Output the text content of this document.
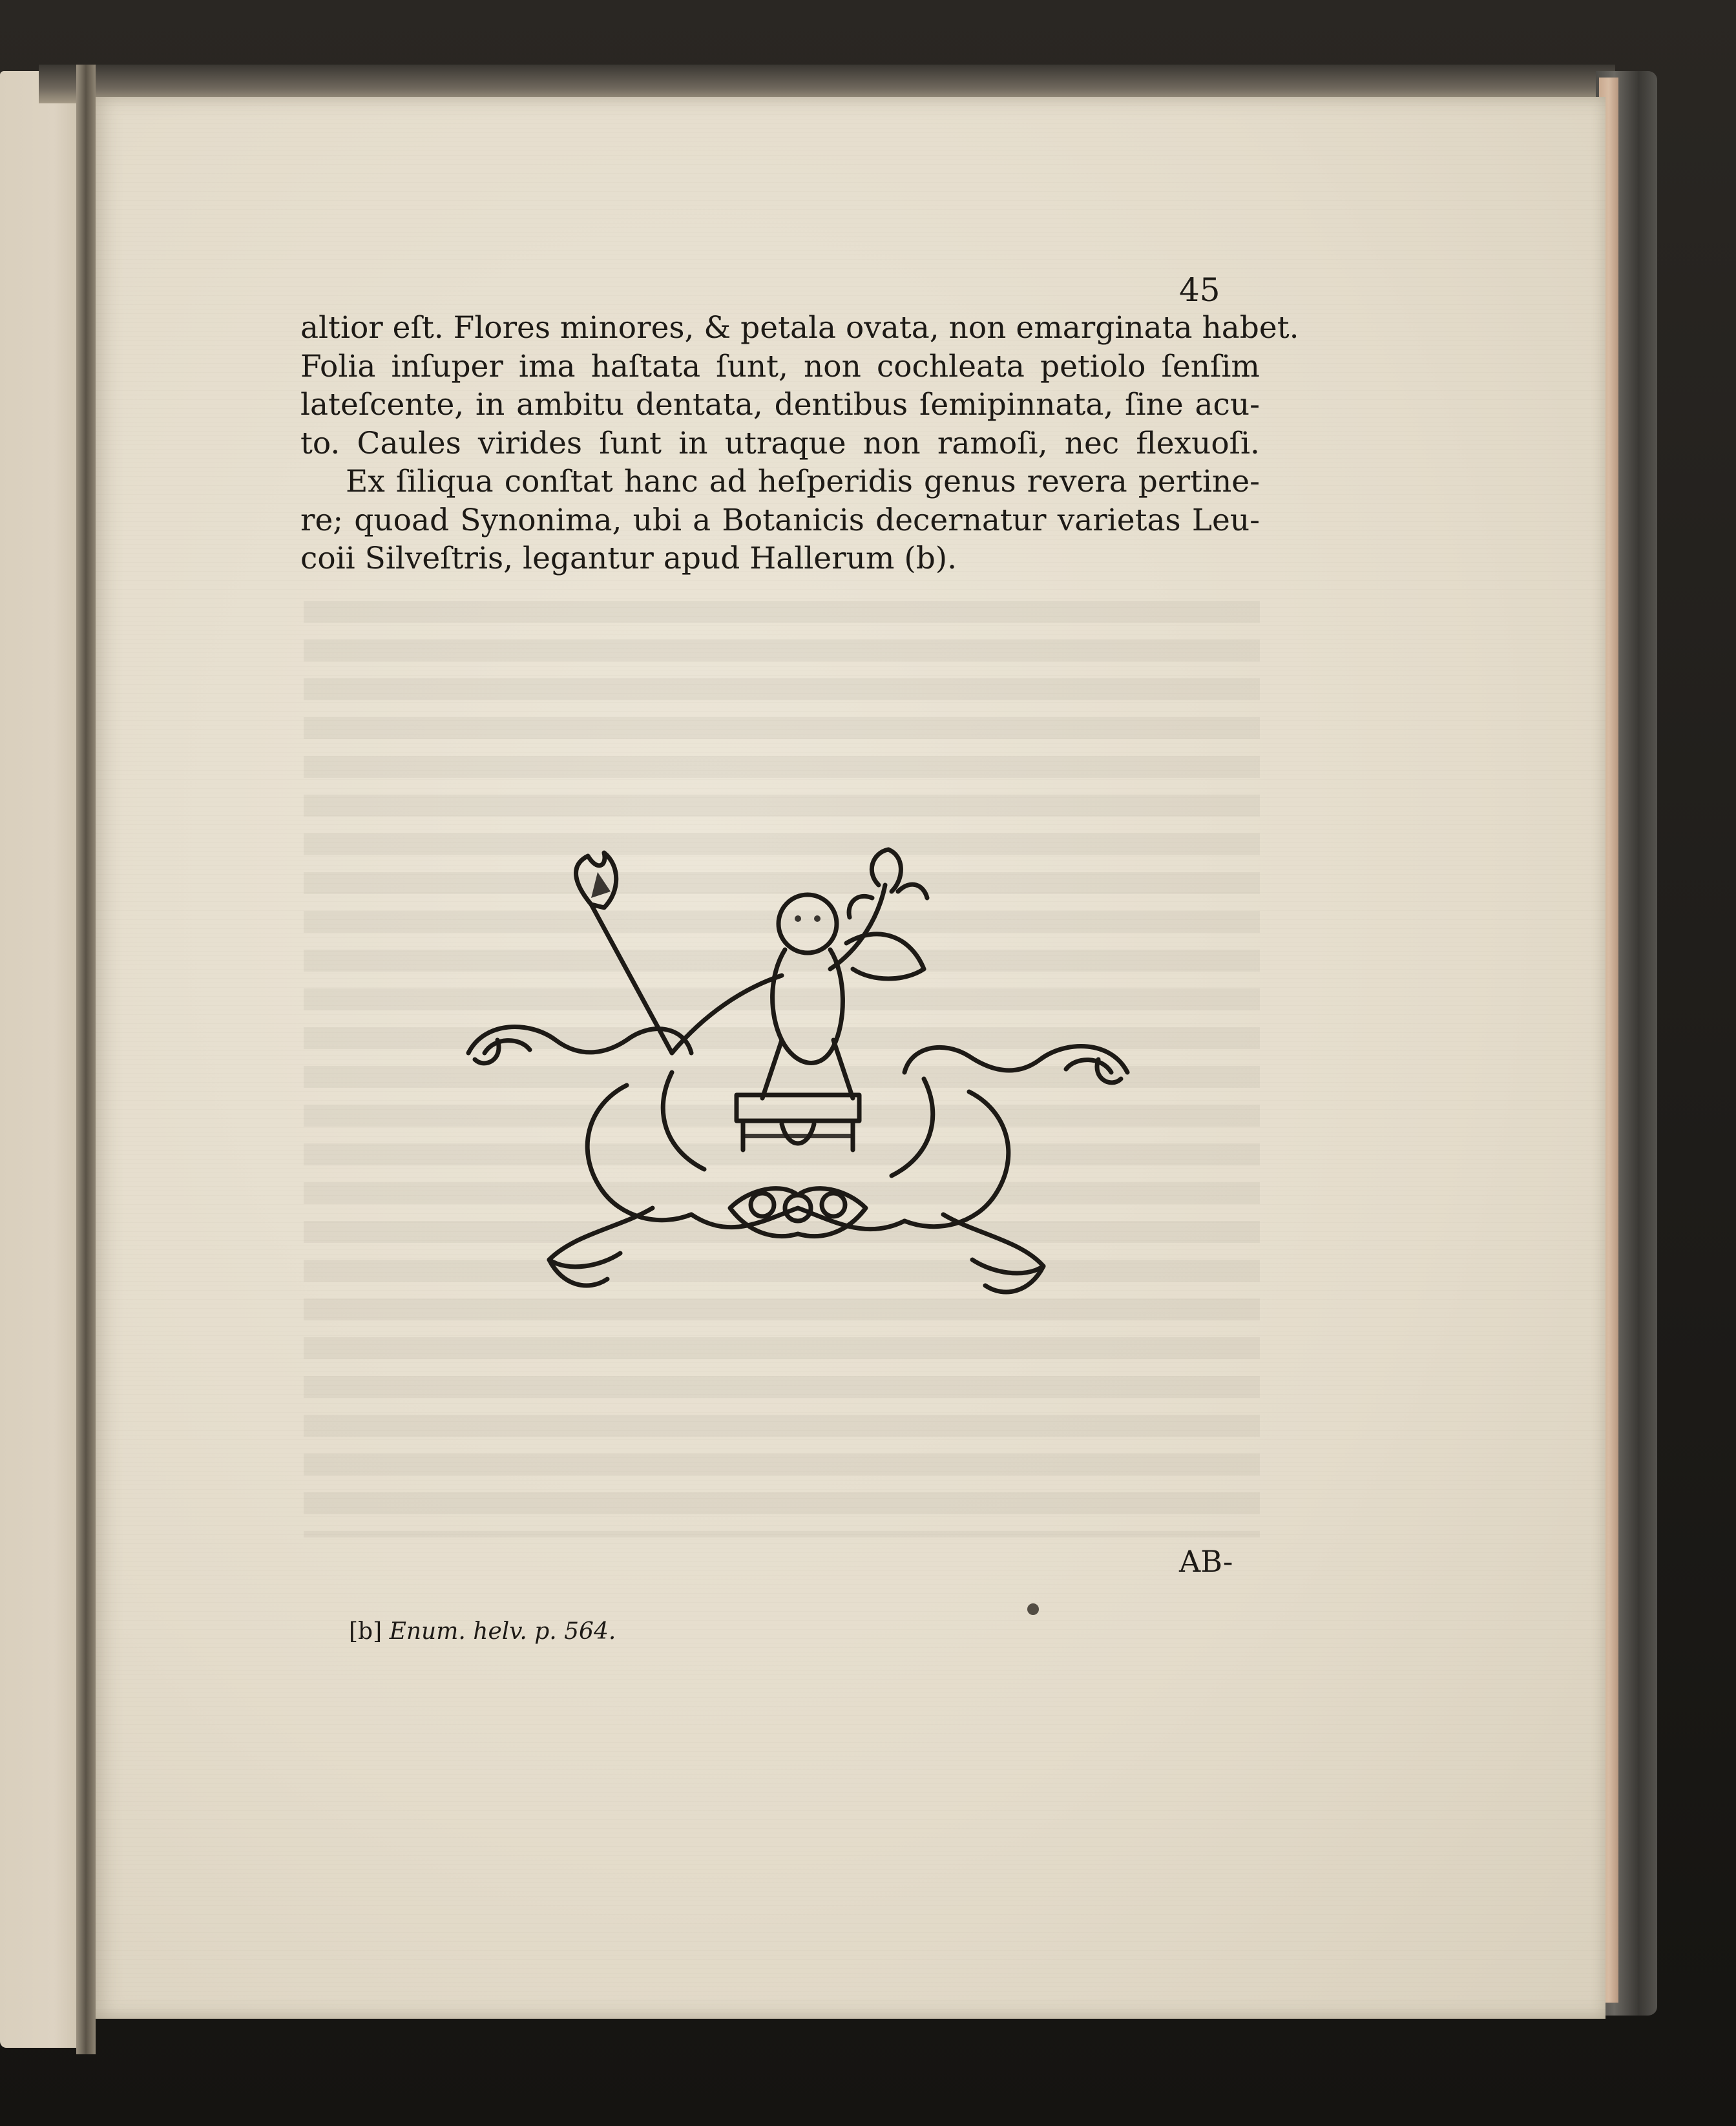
45

altior eſt. Flores minores, & petala ovata, non emarginata habet.
Folia inſuper ima haſtata ſunt, non cochleata petiolo ſenſim
lateſcente, in ambitu dentata, dentibus ſemipinnata, ſine acu-
to. Caules virides ſunt in utraque non ramoſi, nec flexuoſi.
Ex ſiliqua conſtat hanc ad heſperidis genus revera pertine-
re; quoad Synonima, ubi a Botanicis decernatur varietas Leu-
coii Silveſtris, legantur apud Hallerum (b).

AB-

[b] Enum. helv. p. 564.
